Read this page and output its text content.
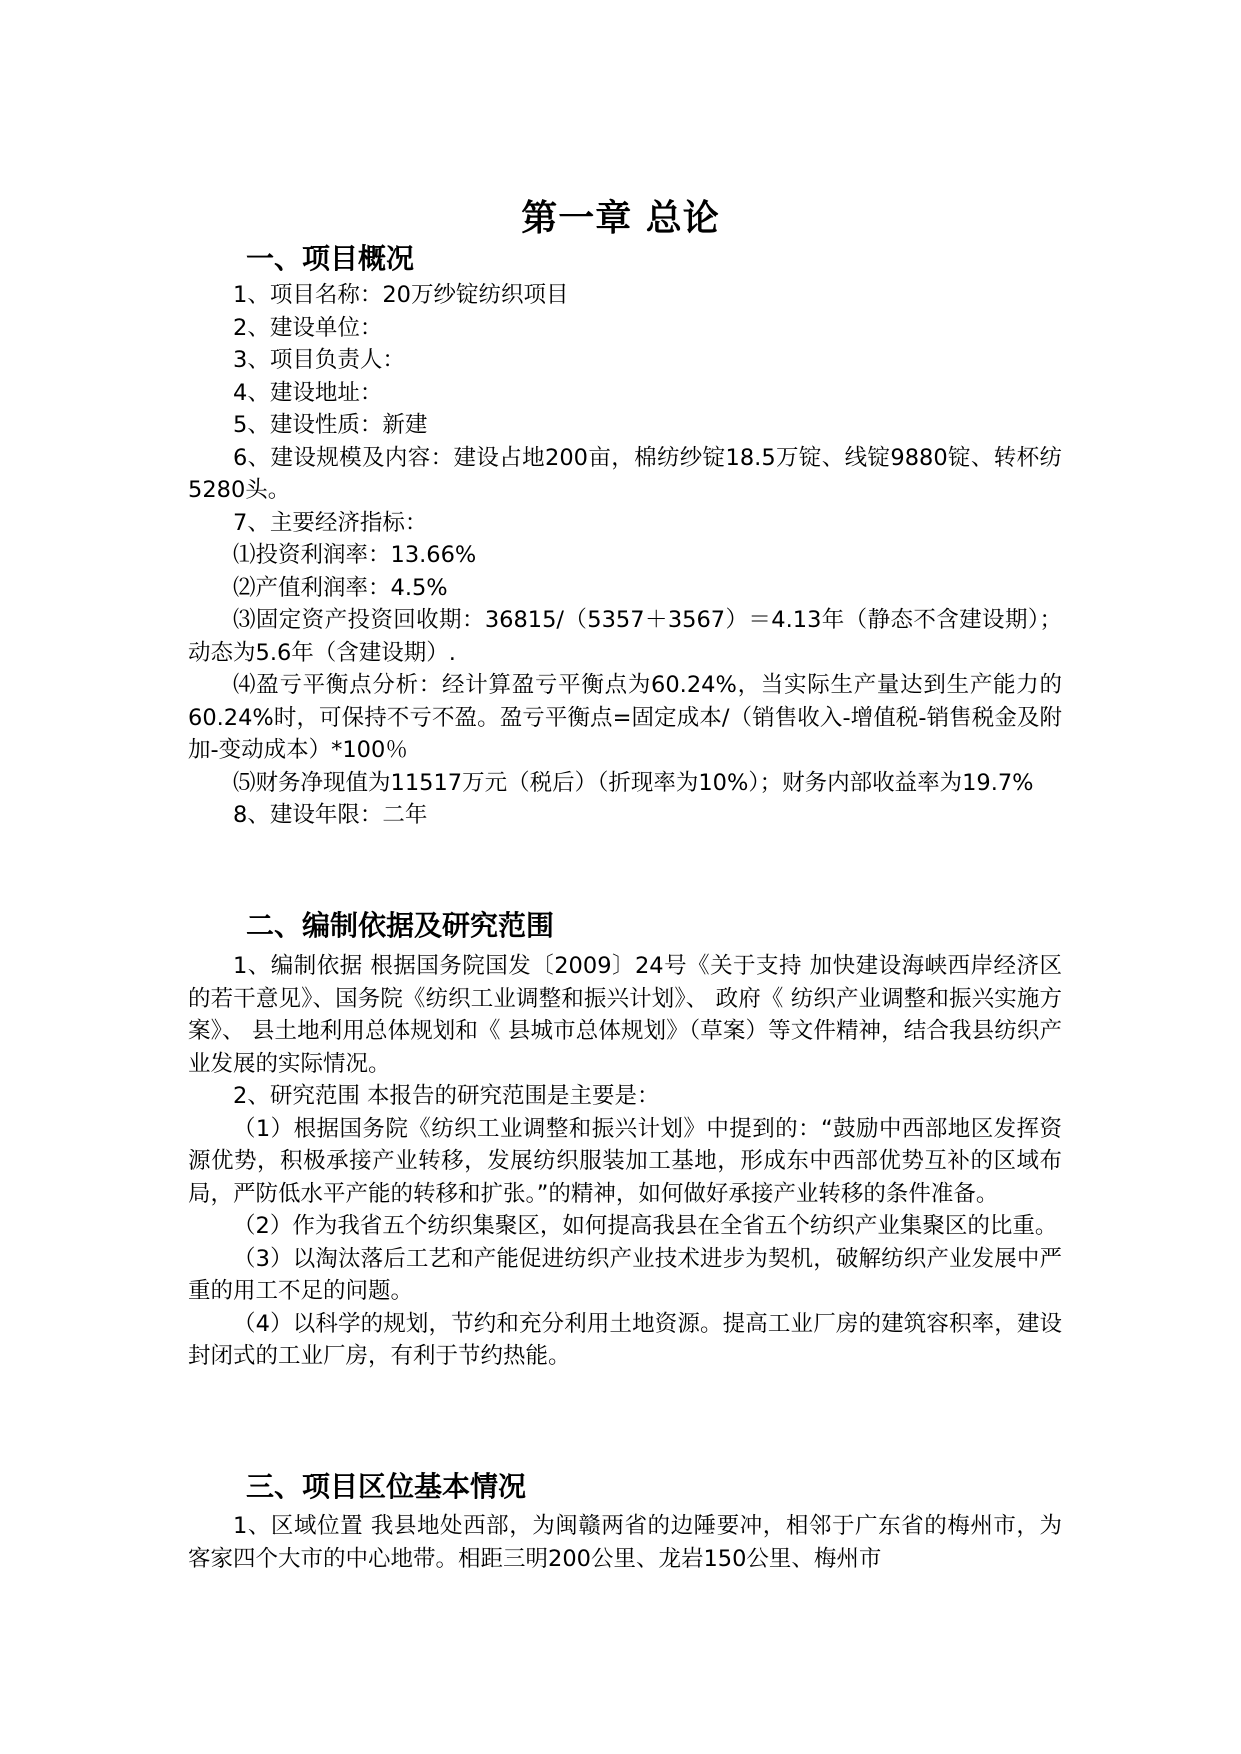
第一章 总论
一、项目概况

1、项目名称：20万纱锭纺织项目

2、建设单位：

3、项目负责人：

4、建设地址：

5、建设性质：新建

6、建设规模及内容：建设占地200亩，棉纺纱锭18.5万锭、线锭9880锭、转杯纺5280头。

7、主要经济指标：

⑴投资利润率：13.66%

⑵产值利润率：4.5%

⑶固定资产投资回收期：36815/（5357＋3567）＝4.13年（静态不含建设期）；动态为5.6年（含建设期）.

⑷盈亏平衡点分析：经计算盈亏平衡点为60.24%，当实际生产量达到生产能力的60.24%时，可保持不亏不盈。盈亏平衡点=固定成本/（销售收入-增值税-销售税金及附加-变动成本）*100％

⑸财务净现值为11517万元（税后）（折现率为10%）；财务内部收益率为19.7%

8、建设年限：二年

二、编制依据及研究范围

1、编制依据 根据国务院国发〔2009〕24号《关于支持 加快建设海峡西岸经济区的若干意见》、国务院《纺织工业调整和振兴计划》、 政府《 纺织产业调整和振兴实施方案》、 县土地利用总体规划和《 县城市总体规划》（草案）等文件精神，结合我县纺织产业发展的实际情况。

2、研究范围 本报告的研究范围是主要是：

（1）根据国务院《纺织工业调整和振兴计划》中提到的：“鼓励中西部地区发挥资源优势，积极承接产业转移，发展纺织服装加工基地，形成东中西部优势互补的区域布局，严防低水平产能的转移和扩张。”的精神，如何做好承接产业转移的条件准备。

（2）作为我省五个纺织集聚区，如何提高我县在全省五个纺织产业集聚区的比重。

（3）以淘汰落后工艺和产能促进纺织产业技术进步为契机，破解纺织产业发展中严重的用工不足的问题。

（4）以科学的规划，节约和充分利用土地资源。提高工业厂房的建筑容积率，建设封闭式的工业厂房，有利于节约热能。

三、项目区位基本情况

1、区域位置 我县地处西部，为闽赣两省的边陲要冲，相邻于广东省的梅州市，为客家四个大市的中心地带。相距三明200公里、龙岩150公里、梅州市
